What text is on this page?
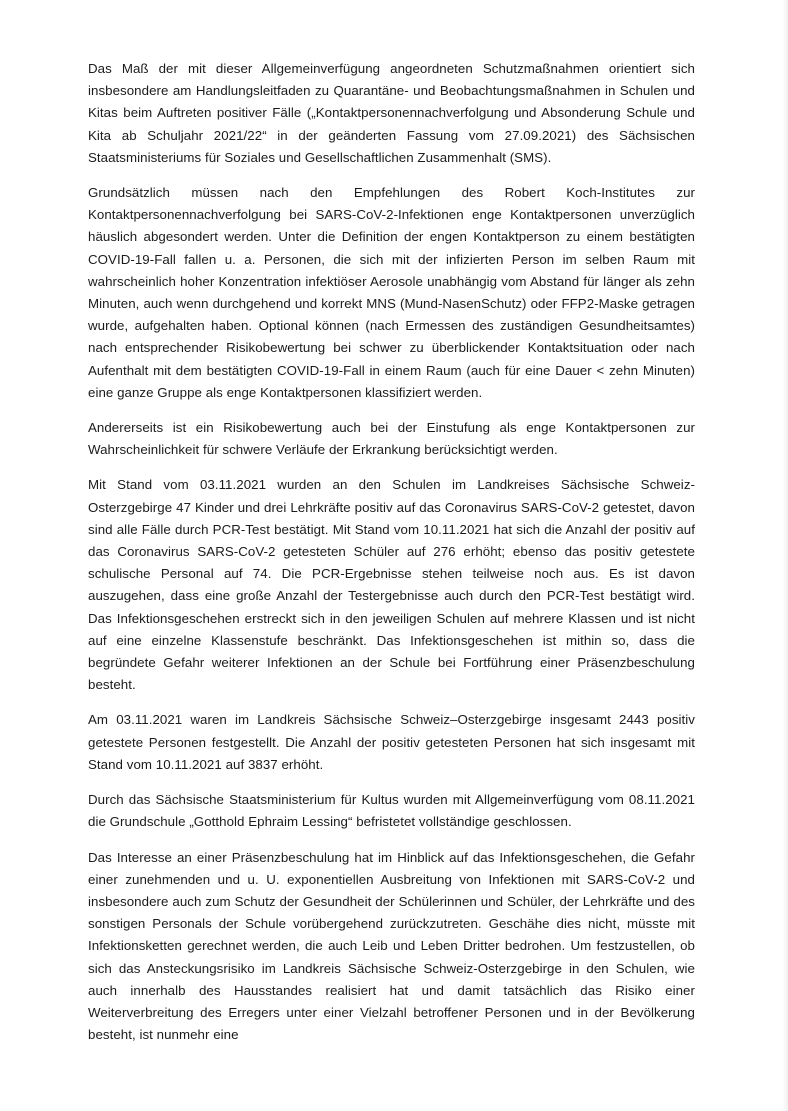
Das Maß der mit dieser Allgemeinverfügung angeordneten Schutzmaßnahmen orientiert sich insbesondere am Handlungsleitfaden zu Quarantäne- und Beobachtungsmaßnahmen in Schulen und Kitas beim Auftreten positiver Fälle („Kontaktpersonennachverfolgung und Absonderung Schule und Kita ab Schuljahr 2021/22“ in der geänderten Fassung vom 27.09.2021) des Sächsischen Staatsministeriums für Soziales und Gesellschaftlichen Zusammenhalt (SMS).

Grundsätzlich müssen nach den Empfehlungen des Robert Koch-Institutes zur Kontaktpersonennachverfolgung bei SARS-CoV-2-Infektionen enge Kontaktpersonen unverzüglich häuslich abgesondert werden. Unter die Definition der engen Kontaktperson zu einem bestätigten COVID-19-Fall fallen u. a. Personen, die sich mit der infizierten Person im selben Raum mit wahrscheinlich hoher Konzentration infektiöser Aerosole unabhängig vom Abstand für länger als zehn Minuten, auch wenn durchgehend und korrekt MNS (Mund-NasenSchutz) oder FFP2-Maske getragen wurde, aufgehalten haben. Optional können (nach Ermessen des zuständigen Gesundheitsamtes) nach entsprechender Risikobewertung bei schwer zu überblickender Kontaktsituation oder nach Aufenthalt mit dem bestätigten COVID-19-Fall in einem Raum (auch für eine Dauer < zehn Minuten) eine ganze Gruppe als enge Kontaktpersonen klassifiziert werden.

Andererseits ist ein Risikobewertung auch bei der Einstufung als enge Kontaktpersonen zur Wahrscheinlichkeit für schwere Verläufe der Erkrankung berücksichtigt werden.

Mit Stand vom 03.11.2021 wurden an den Schulen im Landkreises Sächsische Schweiz-Osterzgebirge 47 Kinder und drei Lehrkräfte positiv auf das Coronavirus SARS-CoV-2 getestet, davon sind alle Fälle durch PCR-Test bestätigt. Mit Stand vom 10.11.2021 hat sich die Anzahl der positiv auf das Coronavirus SARS-CoV-2 getesteten Schüler auf 276 erhöht; ebenso das positiv getestete schulische Personal auf 74. Die PCR-Ergebnisse stehen teilweise noch aus. Es ist davon auszugehen, dass eine große Anzahl der Testergebnisse auch durch den PCR-Test bestätigt wird. Das Infektionsgeschehen erstreckt sich in den jeweiligen Schulen auf mehrere Klassen und ist nicht auf eine einzelne Klassenstufe beschränkt. Das Infektionsgeschehen ist mithin so, dass die begründete Gefahr weiterer Infektionen an der Schule bei Fortführung einer Präsenzbeschulung besteht.

Am 03.11.2021 waren im Landkreis Sächsische Schweiz–Osterzgebirge insgesamt 2443 positiv getestete Personen festgestellt. Die Anzahl der positiv getesteten Personen hat sich insgesamt mit Stand vom 10.11.2021 auf 3837 erhöht.

Durch das Sächsische Staatsministerium für Kultus wurden mit Allgemeinverfügung vom 08.11.2021 die Grundschule „Gotthold Ephraim Lessing“ befristetet vollständige geschlossen.

Das Interesse an einer Präsenzbeschulung hat im Hinblick auf das Infektionsgeschehen, die Gefahr einer zunehmenden und u. U. exponentiellen Ausbreitung von Infektionen mit SARS-CoV-2 und insbesondere auch zum Schutz der Gesundheit der Schülerinnen und Schüler, der Lehrkräfte und des sonstigen Personals der Schule vorübergehend zurückzutreten. Geschähe dies nicht, müsste mit Infektionsketten gerechnet werden, die auch Leib und Leben Dritter bedrohen. Um festzustellen, ob sich das Ansteckungsrisiko im Landkreis Sächsische Schweiz-Osterzgebirge in den Schulen, wie auch innerhalb des Hausstandes realisiert hat und damit tatsächlich das Risiko einer Weiterverbreitung des Erregers unter einer Vielzahl betroffener Personen und in der Bevölkerung besteht, ist nunmehr eine
